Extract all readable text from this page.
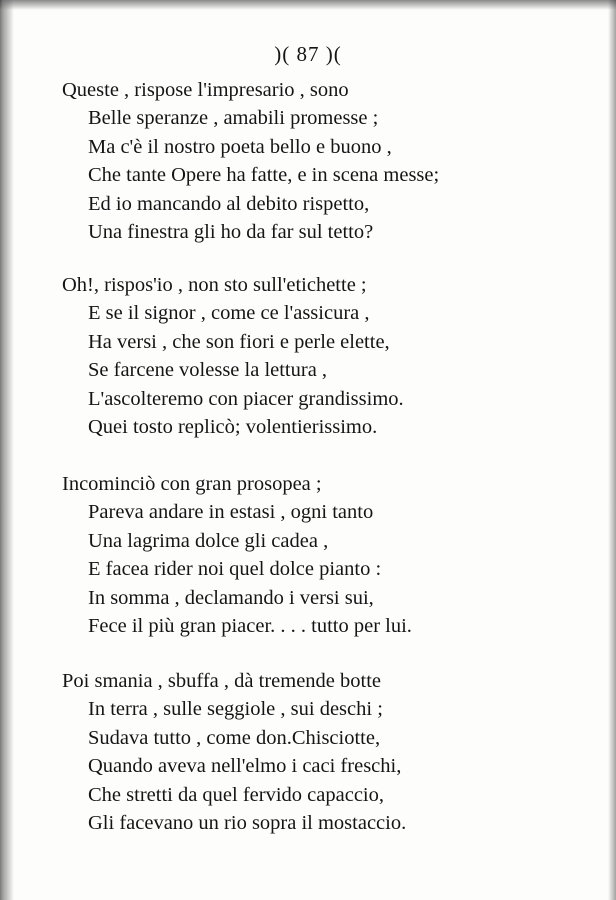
)( 87 )(
Queste , rispose l'impresario , sono
Belle speranze , amabili promesse ;
Ma c'è il nostro poeta bello e buono ,
Che tante Opere ha fatte, e in scena messe;
Ed io mancando al debito rispetto,
Una finestra gli ho da far sul tetto?
Oh!, rispos'io , non sto sull'etichette ;
E se il signor , come ce l'assicura ,
Ha versi , che son fiori e perle elette,
Se farcene volesse la lettura ,
L'ascolteremo con piacer grandissimo.
Quei tosto replicò; volentierissimo.
Incominciò con gran prosopea ;
Pareva andare in estasi , ogni tanto
Una lagrima dolce gli cadea ,
E facea rider noi quel dolce pianto :
In somma , declamando i versi sui,
Fece il più gran piacer. . . . tutto per lui.
Poi smania , sbuffa , dà tremende botte
In terra , sulle seggiole , sui deschi ;
Sudava tutto , come don.Chisciotte,
Quando aveva nell'elmo i caci freschi,
Che stretti da quel fervido capaccio,
Gli facevano un rio sopra il mostaccio.
